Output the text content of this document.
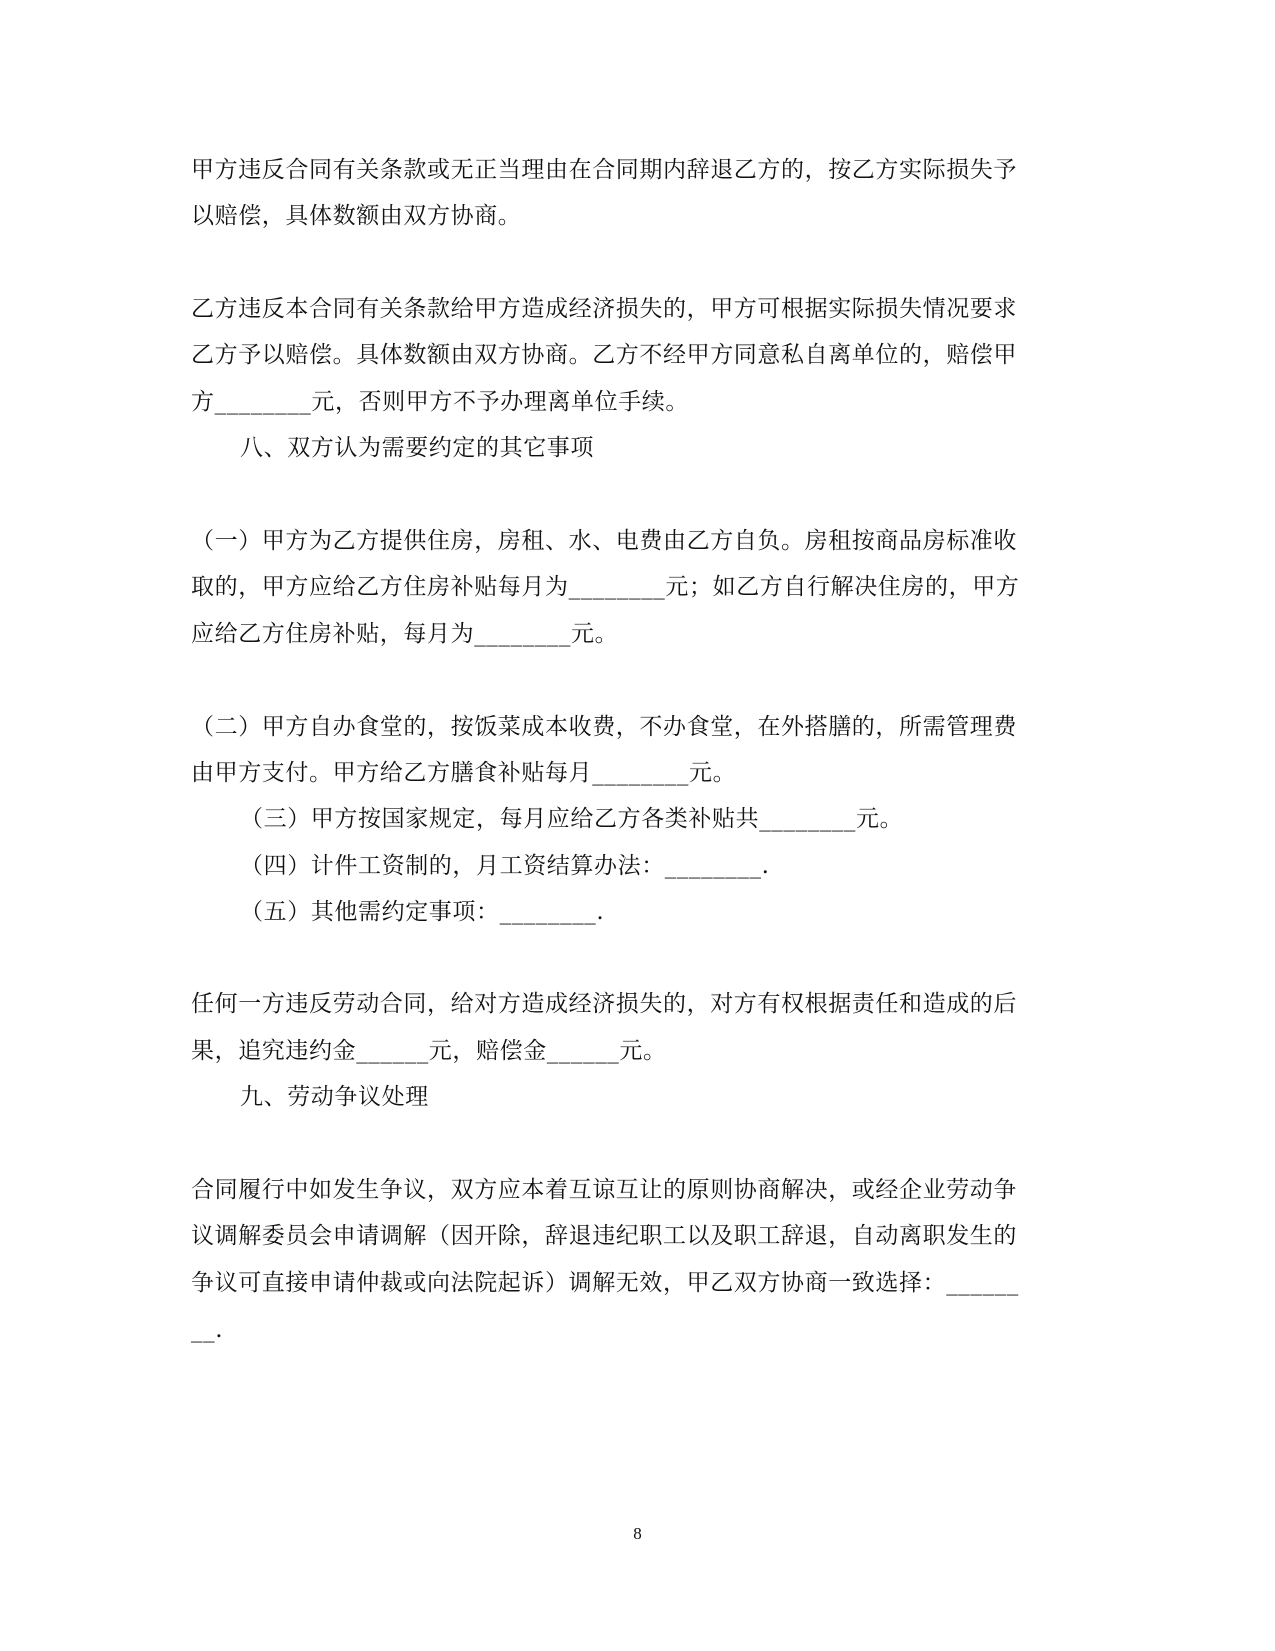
甲方违反合同有关条款或无正当理由在合同期内辞退乙方的，按乙方实际损失予
以赔偿，具体数额由双方协商。
乙方违反本合同有关条款给甲方造成经济损失的，甲方可根据实际损失情况要求
乙方予以赔偿。具体数额由双方协商。乙方不经甲方同意私自离单位的，赔偿甲
方________元，否则甲方不予办理离单位手续。
八、双方认为需要约定的其它事项
（一）甲方为乙方提供住房，房租、水、电费由乙方自负。房租按商品房标准收
取的，甲方应给乙方住房补贴每月为________元；如乙方自行解决住房的，甲方
应给乙方住房补贴，每月为________元。
（二）甲方自办食堂的，按饭菜成本收费，不办食堂，在外搭膳的，所需管理费
由甲方支付。甲方给乙方膳食补贴每月________元。
（三）甲方按国家规定，每月应给乙方各类补贴共________元。
（四）计件工资制的，月工资结算办法：________.
（五）其他需约定事项：________.
任何一方违反劳动合同，给对方造成经济损失的，对方有权根据责任和造成的后
果，追究违约金______元，赔偿金______元。
九、劳动争议处理
合同履行中如发生争议，双方应本着互谅互让的原则协商解决，或经企业劳动争
议调解委员会申请调解（因开除，辞退违纪职工以及职工辞退，自动离职发生的
争议可直接申请仲裁或向法院起诉）调解无效，甲乙双方协商一致选择：______
__.
8
